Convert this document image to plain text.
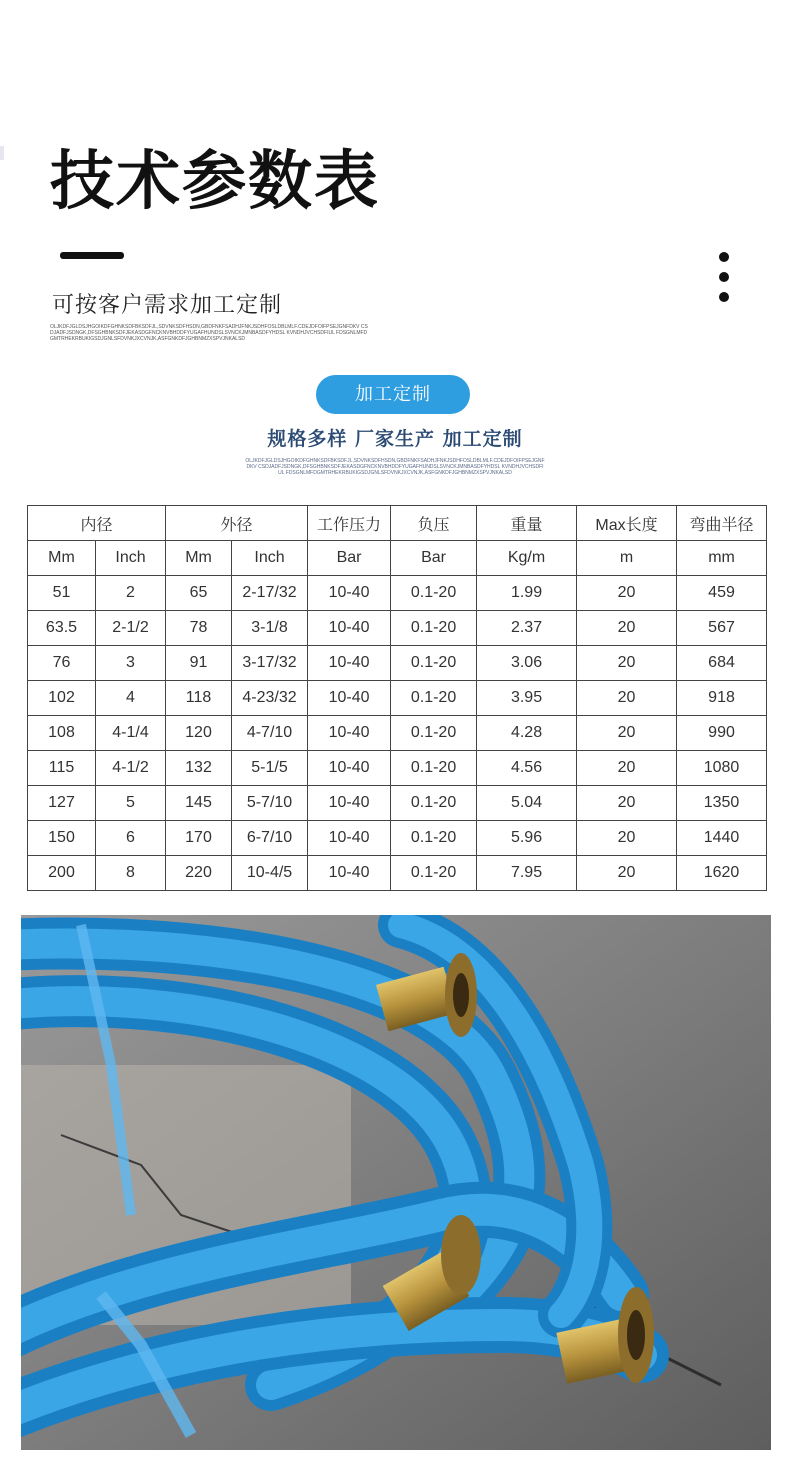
技术参数表
可按客户需求加工定制
OLJKDFJGLDSJHGOIKDFGHNKSDFBKSDFJL,SDVNKSDFHSDN,GBDFNKFSADHJFNKJSDHFOSLDBLMLF.CDEJDFOIFPSEJGNFDKV CSDJADFJSDNGK,DFSGHBNKSDFJEKASDGFNCKNVBHDDFYUGAFHUNDSLSVNCKJMNBASDFYHDSL KVNDHJVCHSDFIUL FDSGNLMFDGMTRHEKRBUKIGSDJGNLSFDVNKJXCVNJK,ASFGNKDFJGHBNMZXSPVJNKALSD
加工定制
规格多样 厂家生产 加工定制
OLJKDFJGLDSJHGOIKDFGHNKSDFBKSDFJL,SDVNKSDFHSDN,GBDFNKFSADHJFNKJSDHFOSLDBLMLF.CDEJDFOIFPSEJGNFDKV CSDJADFJSDNGK,DFSGHBNKSDFJEKASDGFNCKNVBHDDFYUGAFHUNDSLSVNCKJMNBASDFYHDSL KVNDHJVCHSDFIUL FDSGNLMFDGMTRHEKRBUKIGSDJGNLSFDVNKJXCVNJK,ASFGNKDFJGHBNMZXSPVJNKALSD
内径		外径		工作压力	负压	重量	Max长度	弯曲半径
Mm	Inch	Mm	Inch	Bar	Bar	Kg/m	m	mm
51	2	65	2-17/32	10-40	0.1-20	1.99	20	459
63.5	2-1/2	78	3-1/8	10-40	0.1-20	2.37	20	567
76	3	91	3-17/32	10-40	0.1-20	3.06	20	684
102	4	118	4-23/32	10-40	0.1-20	3.95	20	918
108	4-1/4	120	4-7/10	10-40	0.1-20	4.28	20	990
115	4-1/2	132	5-1/5	10-40	0.1-20	4.56	20	1080
127	5	145	5-7/10	10-40	0.1-20	5.04	20	1350
150	6	170	6-7/10	10-40	0.1-20	5.96	20	1440
200	8	220	10-4/5	10-40	0.1-20	7.95	20	1620
